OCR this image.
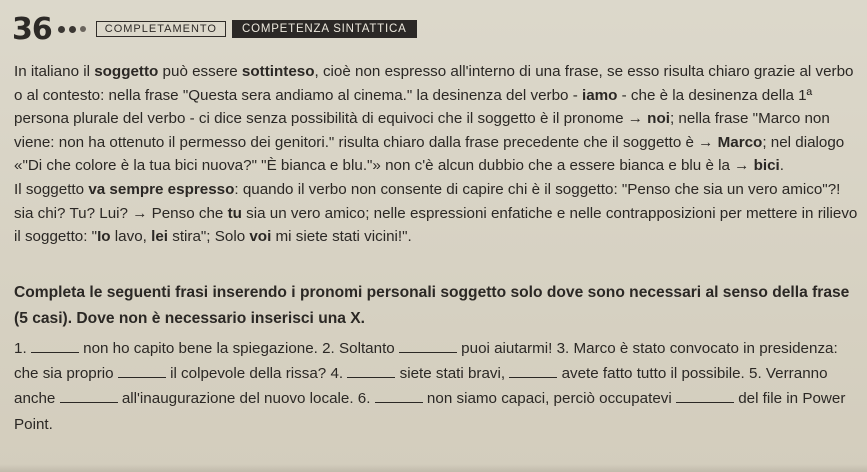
36	COMPLETAMENTO	COMPETENZA SINTATTICA

In italiano il soggetto può essere sottinteso, cioè non espresso all'interno di una frase, se esso risulta chiaro grazie al verbo o al contesto: nella frase "Questa sera andiamo al cinema." la desinenza del verbo - iamo - che è la desinenza della 1ª persona plurale del verbo - ci dice senza possibilità di equivoci che il soggetto è il pronome → noi; nella frase "Marco non viene: non ha ottenuto il permesso dei genitori." risulta chiaro dalla frase precedente che il soggetto è → Marco; nel dialogo «"Di che colore è la tua bici nuova?" "È bianca e blu."» non c'è alcun dubbio che a essere bianca e blu è la → bici.

Il soggetto va sempre espresso: quando il verbo non consente di capire chi è il soggetto: "Penso che sia un vero amico"?! sia chi? Tu? Lui? → Penso che tu sia un vero amico; nelle espressioni enfatiche e nelle contrapposizioni per mettere in rilievo il soggetto: "Io lavo, lei stira"; Solo voi mi siete stati vicini!".

Completa le seguenti frasi inserendo i pronomi personali soggetto solo dove sono necessari al senso della frase (5 casi). Dove non è necessario inserisci una X.
1.	non ho capito bene la spiegazione. 2. Soltanto	puoi aiutarmi! 3. Marco è stato convocato in presidenza: che sia proprio	il colpevole della rissa? 4.	siete stati bravi,	avete fatto tutto il possibile. 5. Verranno anche	all'inaugurazione del nuovo locale. 6.	non siamo capaci, perciò occupatevi	del file in Power Point.
